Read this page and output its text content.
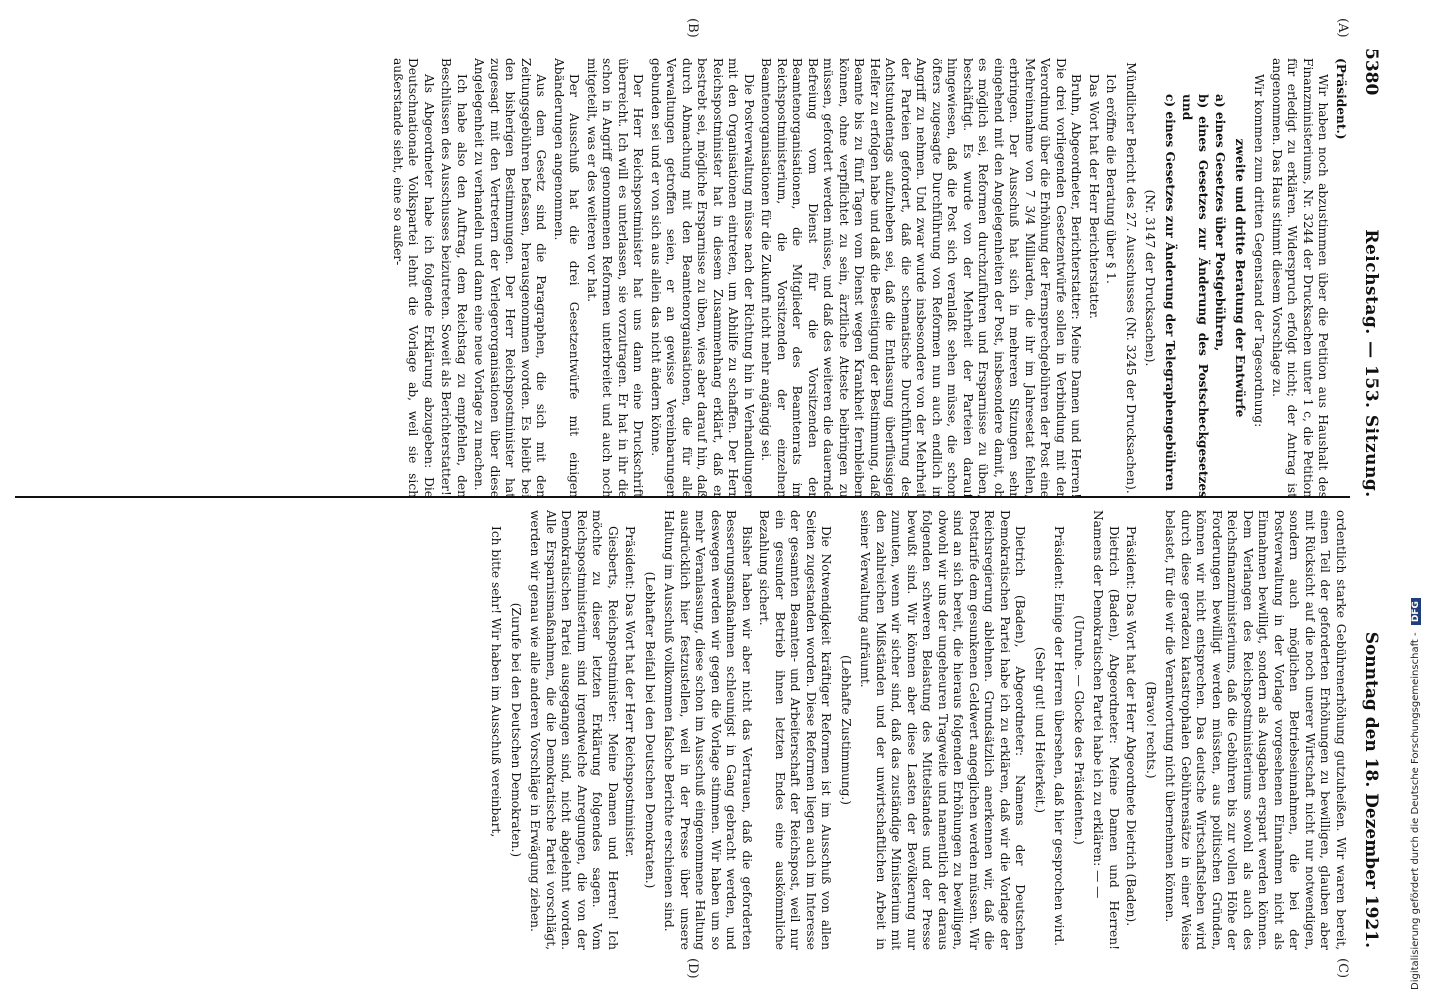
5380
Reichstag. — 153. Sitzung.
Sonntag den 18. Dezember 1921.
(A)
(B)
(C)
(D)

(Präsident.)

Wir haben noch abzustimmen über die Petition aus Haushalt des Finanzministeriums, Nr. 3244 der Drucksachen unter 1 c, die Petition für erledigt zu erklären. Widerspruch erfolgt nicht; der Antrag ist angenommen. Das Haus stimmt diesem Vorschlage zu.

Wir kommen zum dritten Gegenstand der Tagesordnung:

zweite und dritte Beratung der Entwürfe

a) eines Gesetzes über Postgebühren,

b) eines Gesetzes zur Änderung des Postscheckgesetzes und

c) eines Gesetzes zur Änderung der Telegraphengebühren

(Nr. 3147 der Drucksachen).

Mündlicher Bericht des 27. Ausschusses (Nr. 3245 der Drucksachen).

Ich eröffne die Beratung über § 1.

Das Wort hat der Herr Berichterstatter.

Bruhn, Abgeordneter, Berichterstatter: Meine Damen und Herren! Die drei vorliegenden Gesetzentwürfe sollen in Verbindung mit der Verordnung über die Erhöhung der Fernsprechgebühren der Post eine Mehreinnahme von 7 3/4 Milliarden, die ihr im Jahresetat fehlen, erbringen. Der Ausschuß hat sich in mehreren Sitzungen sehr eingehend mit den Angelegenheiten der Post, insbesondere damit, ob es möglich sei, Reformen durchzuführen und Ersparnisse zu üben, beschäftigt. Es wurde von der Mehrheit der Parteien darauf hingewiesen, daß die Post sich veranlaßt sehen müsse, die schon öfters zugesagte Durchführung von Reformen nun auch endlich in Angriff zu nehmen. Und zwar wurde insbesondere von der Mehrheit der Parteien gefordert, daß die schematische Durchführung des Achtstundentags aufzuheben sei, daß die Entlassung überflüssiger Helfer zu erfolgen habe und daß die Beseitigung der Bestimmung, daß Beamte bis zu fünf Tagen vom Dienst wegen Krankheit fernbleiben können, ohne verpflichtet zu sein, ärztliche Atteste beibringen zu müssen, gefordert werden müsse, und daß des weiteren die dauernde Befreiung vom Dienst für die Vorsitzenden der Beamtenorganisationen, die Mitglieder des Beamtenrats im Reichspostministerium, die Vorsitzenden der einzelnen Beamtenorganisationen für die Zukunft nicht mehr angängig sei.

Die Postverwaltung müsse nach der Richtung hin in Verhandlungen mit den Organisationen eintreten, um Abhilfe zu schaffen. Der Herr Reichspostminister hat in diesem Zusammenhang erklärt, daß er bestrebt sei, mögliche Ersparnisse zu üben, wies aber darauf hin, daß durch Abmachung mit den Beamtenorganisationen, die für alle Verwaltungen getroffen seien, er an gewisse Vereinbarungen gebunden sei und er von sich aus allein das nicht ändern könne.

Der Herr Reichspostminister hat uns dann eine Druckschrift überreicht. Ich will es unterlassen, sie vorzutragen. Er hat in ihr die schon in Angriff genommenen Reformen unterbreitet und auch noch mitgeteilt, was er des weiteren vor hat.

Der Ausschuß hat die drei Gesetzentwürfe mit einigen Abänderungen angenommen.

Aus dem Gesetz sind die Paragraphen, die sich mit den Zeitungsgebühren befassen, herausgenommen worden. Es bleibt bei den bisherigen Bestimmungen. Der Herr Reichspostminister hat zugesagt mit den Vertretern der Verlegerorganisationen über diese Angelegenheit zu verhandeln und dann eine neue Vorlage zu machen.

Ich habe also den Auftrag, dem Reichstag zu empfehlen, den Beschlüssen des Ausschusses beizutreten. Soweit als Berichterstatter!

Als Abgeordneter habe ich folgende Erklärung abzugeben: Die Deutschnationale Volkspartei lehnt die Vorlage ab, weil sie sich außerstande sieht, eine so außer-

ordentlich starke Gebührenerhöhung gutzuheißen. Wir waren bereit, einen Teil der geforderten Erhöhungen zu bewilligen, glauben aber mit Rücksicht auf die noch unerer Wirtschaft nicht nur notwendigen, sondern auch möglichen Betriebseinnahmen, die bei der Postverwaltung in der Vorlage vorgesehenen Einnahmen nicht als Einnahmen bewilligt, sondern als Ausgaben erspart werden können. Dem Verlangen des Reichspostministeriums sowohl als auch des Reichsfinanzministeriums, daß die Gebühren bis zur vollen Höhe der Forderungen bewilligt werden müssten, aus politischen Gründen, können wir nicht entsprechen. Das deutsche Wirtschaftsleben wird durch diese geradezu katastrophalen Gebührensätze in einer Weise belastet, für die wir die Verantwortung nicht übernehmen können.

(Bravo! rechts.)

Präsident: Das Wort hat der Herr Abgeordnete Dietrich (Baden).

Dietrich (Baden), Abgeordneter: Meine Damen und Herren! Namens der Demokratischen Partei habe ich zu erklären: — —

(Unruhe. — Glocke des Präsidenten.)

Präsident: Einige der Herren übersehen, daß hier gesprochen wird.

(Sehr gut! und Heiterkeit.)

Dietrich (Baden), Abgeordneter: Namens der Deutschen Demokratischen Partei habe ich zu erklären, daß wir die Vorlage der Reichsregierung ablehnen. Grundsätzlich anerkennen wir, daß die Posttarife dem gesunkenen Geldwert angeglichen werden müssen. Wir sind an sich bereit, die hieraus folgenden Erhöhungen zu bewilligen, obwohl wir uns der ungeheuren Tragweite und namentlich der daraus folgenden schweren Belastung des Mittelstandes und der Presse bewußt sind. Wir können aber diese Lasten der Bevölkerung nur zumuten, wenn wir sicher sind, daß das zuständige Ministerium mit den zahlreichen Mißständen und der unwirtschaftlichen Arbeit in seiner Verwaltung aufräumt.

(Lebhafte Zustimmung.)

Die Notwendigkeit kräftiger Reformen ist im Ausschuß von allen Seiten zugestanden worden. Diese Reformen liegen auch im Interesse der gesamten Beamten- und Arbeiterschaft der Reichspost, weil nur ein gesunder Betrieb ihnen letzten Endes eine auskömmliche Bezahlung sichert.

Bisher haben wir aber nicht das Vertrauen, daß die geforderten Besserungsmaßnahmen schleunigst in Gang gebracht werden, und deswegen werden wir gegen die Vorlage stimmen. Wir haben um so mehr Veranlassung, diese schon im Ausschuß eingenommene Haltung ausdrücklich hier festzustellen, weil in der Presse über unsere Haltung im Ausschuß vollkommen falsche Berichte erschienen sind.

(Lebhafter Beifall bei den Deutschen Demokraten.)

Präsident: Das Wort hat der Herr Reichspostminister.

Giesberts, Reichspostminister: Meine Damen und Herren! Ich möchte zu dieser letzten Erklärung folgendes sagen. Vom Reichspostministerium sind irgendwelche Anregungen, die von der Demokratischen Partei ausgegangen sind, nicht abgelehnt worden. Alle Ersparnismaßnahmen, die die Demokratische Partei vorschlägt, werden wir genau wie alle anderen Vorschläge in Erwägung ziehen.

(Zurufe bei den Deutschen Demokraten.)

Ich bitte sehr! Wir haben im Ausschuß vereinbart,	Digitalisierung gefördert durch die Deutsche Forschungsgemeinschaft - DFG
